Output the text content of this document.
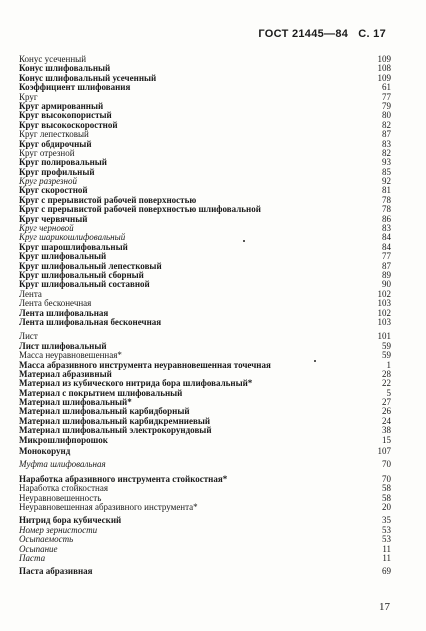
ГОСТ 21445—84 С. 17
Конус усеченный	109
Конус шлифовальный	108
Конус шлифовальный усеченный	109
Коэффициент шлифования	61
Круг	77
Круг армированный	79
Круг высокопористый	80
Круг высокоскоростной	82
Круг лепестковый	87
Круг обдирочный	83
Круг отрезной	82
Круг полировальный	93
Круг профильный	85
Круг разрезной	92
Круг скоростной	81
Круг с прерывистой рабочей поверхностью	78
Круг с прерывистой рабочей поверхностью шлифовальной	78
Круг червячный	86
Круг черновой	83
Круг шарикошлифовальный	84
Круг шарошлифовальный	84
Круг шлифовальный	77
Круг шлифовальный лепестковый	87
Круг шлифовальный сборный	89
Круг шлифовальный составной	90
Лента	102
Лента бесконечная	103
Лента шлифовальная	102
Лента шлифовальная бесконечная	103
Лист	101
Лист шлифовальный	59
Масса неуравновешенная*	59
Масса абразивного инструмента неуравновешенная точечная	1
Материал абразивный	28
Материал из кубического нитрида бора шлифовальный*	22
Материал с покрытием шлифовальный	5
Материал шлифовальный*	27
Материал шлифовальный карбидборный	26
Материал шлифовальный карбидкремниевый	24
Материал шлифовальный электрокорундовый	38
Микрошлифпорошок	15
Монокорунд	107
Муфта шлифовальная	70
Наработка абразивного инструмента стойкостная*	70
Наработка стойкостная	58
Неуравновешенность	58
Неуравновешенная абразивного инструмента*	20
Нитрид бора кубический	35
Номер зернистости	53
Осыпаемость	53
Осыпание	11
Паста	11
Паста абразивная	69
17
